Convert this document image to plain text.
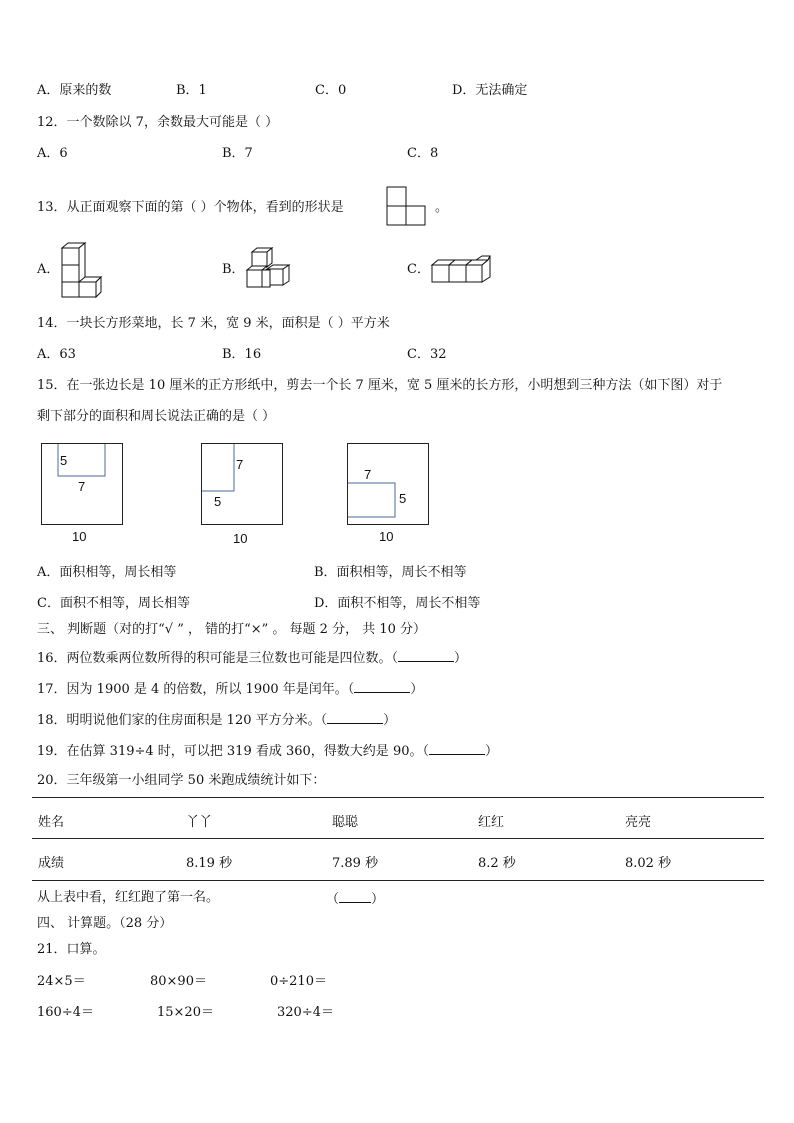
A．原来的数	B．1	C．0	D．无法确定
12．一个数除以 7，余数最大可能是（ ）
A．6	B．7	C．8
13．从正面观察下面的第（ ）个物体，看到的形状是	。
A．	B．	C．
14．一块长方形菜地，长 7 米，宽 9 米，面积是（ ）平方米
A．63	B．16	C．32
15．在一张边长是 10 厘米的正方形纸中，剪去一个长 7 厘米，宽 5 厘米的长方形，小明想到三种方法（如下图）对于
剩下部分的面积和周长说法正确的是（ ）
5
7
10
7
5
10
7
5
10
A．面积相等，周长相等	B．面积相等，周长不相等
C．面积不相等，周长相等	D．面积不相等，周长不相等
三、 判断题（对的打“√ ” ， 错的打“×” 。 每题 2 分， 共 10 分）
16．两位数乘两位数所得的积可能是三位数也可能是四位数。（	）
17．因为 1900 是 4 的倍数，所以 1900 年是闰年。（	）
18．明明说他们家的住房面积是 120 平方分米。（	）
19．在估算 319÷4 时，可以把 319 看成 360，得数大约是 90。（	）
20．三年级第一小组同学 50 米跑成绩统计如下：
姓名	丫丫	聪聪	红红	亮亮
成绩	8.19 秒	7.89 秒	8.2 秒	8.02 秒
从上表中看，红红跑了第一名。	（ ）
四、 计算题。（28 分）
21．口算。
24×5＝	80×90＝	0÷210＝
160÷4＝	15×20＝	320÷4＝
